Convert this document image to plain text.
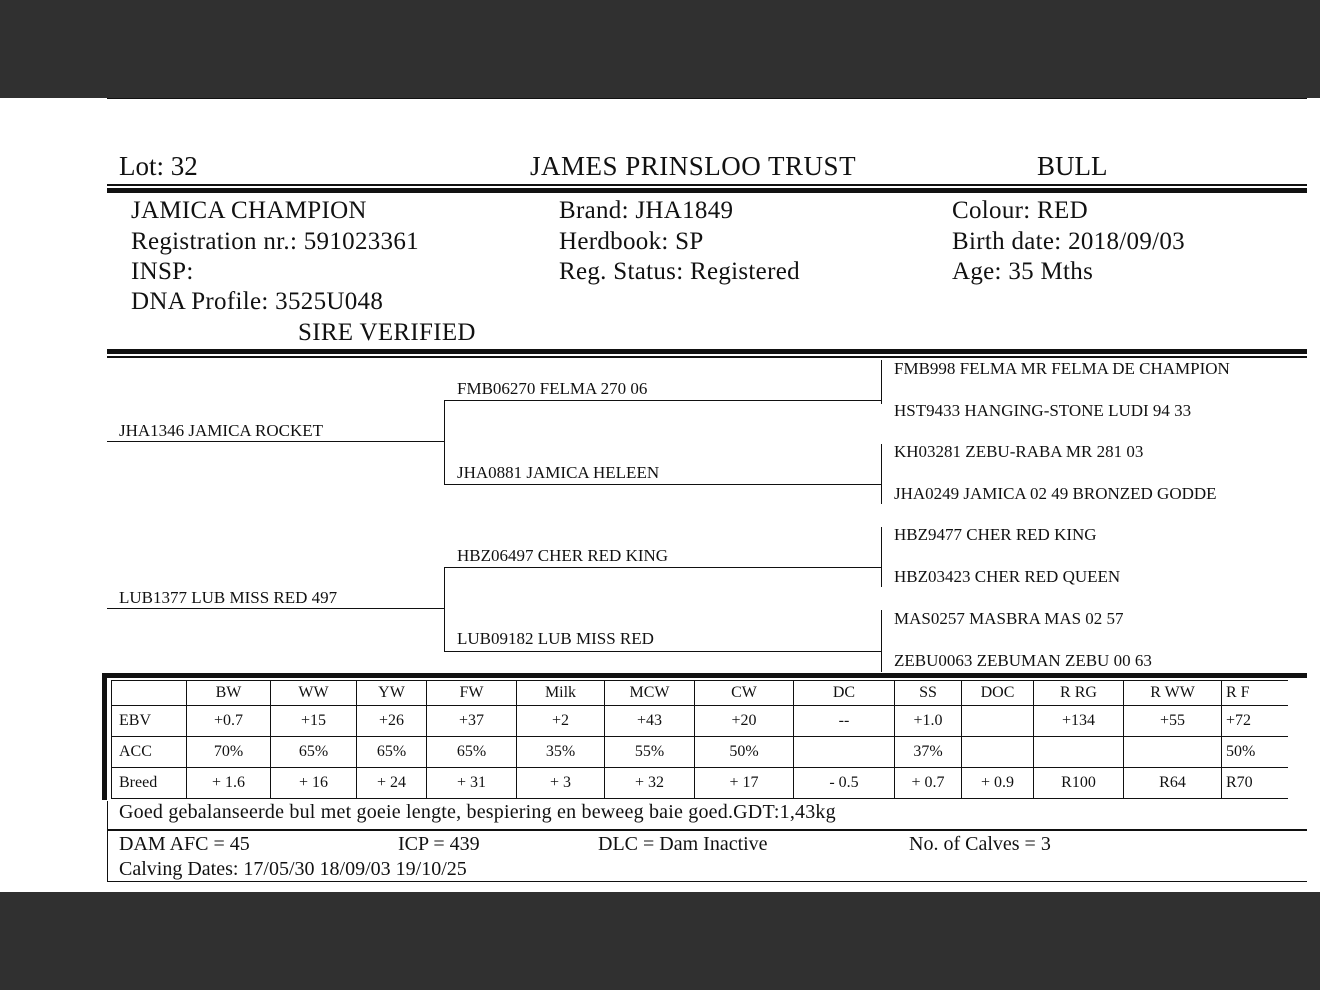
Lot: 32	JAMES PRINSLOO TRUST	BULL
JAMICA CHAMPION
Registration nr.: 591023361
INSP:
DNA Profile: 3525U048
SIRE VERIFIED
Brand: JHA1849
Herdbook: SP
Reg. Status: Registered
Colour: RED
Birth date: 2018/09/03
Age: 35 Mths
JHA1346 JAMICA ROCKET
LUB1377 LUB MISS RED 497
FMB06270 FELMA 270 06
JHA0881 JAMICA HELEEN
HBZ06497 CHER RED KING
LUB09182 LUB MISS RED
FMB998 FELMA MR FELMA DE CHAMPION
HST9433 HANGING-STONE LUDI 94 33
KH03281 ZEBU-RABA MR 281 03
JHA0249 JAMICA 02 49 BRONZED GODDE
HBZ9477 CHER RED KING
HBZ03423 CHER RED QUEEN
MAS0257 MASBRA MAS 02 57
ZEBU0063 ZEBUMAN ZEBU 00 63
	BW	WW	YW	FW	Milk	MCW	CW	DC	SS	DOC	R RG	R WW	R F
EBV	+0.7	+15	+26	+37	+2	+43	+20	--	+1.0		+134	+55	+72
ACC	70%	65%	65%	65%	35%	55%	50%		37%				50%
Breed	+ 1.6	+ 16	+ 24	+ 31	+ 3	+ 32	+ 17	- 0.5	+ 0.7	+ 0.9	R100	R64	R70
Goed gebalanseerde bul met goeie lengte, bespiering en beweeg baie goed.GDT:1,43kg
DAM AFC = 45	ICP = 439	DLC = Dam Inactive	No. of Calves = 3
Calving Dates: 17/05/30 18/09/03 19/10/25
